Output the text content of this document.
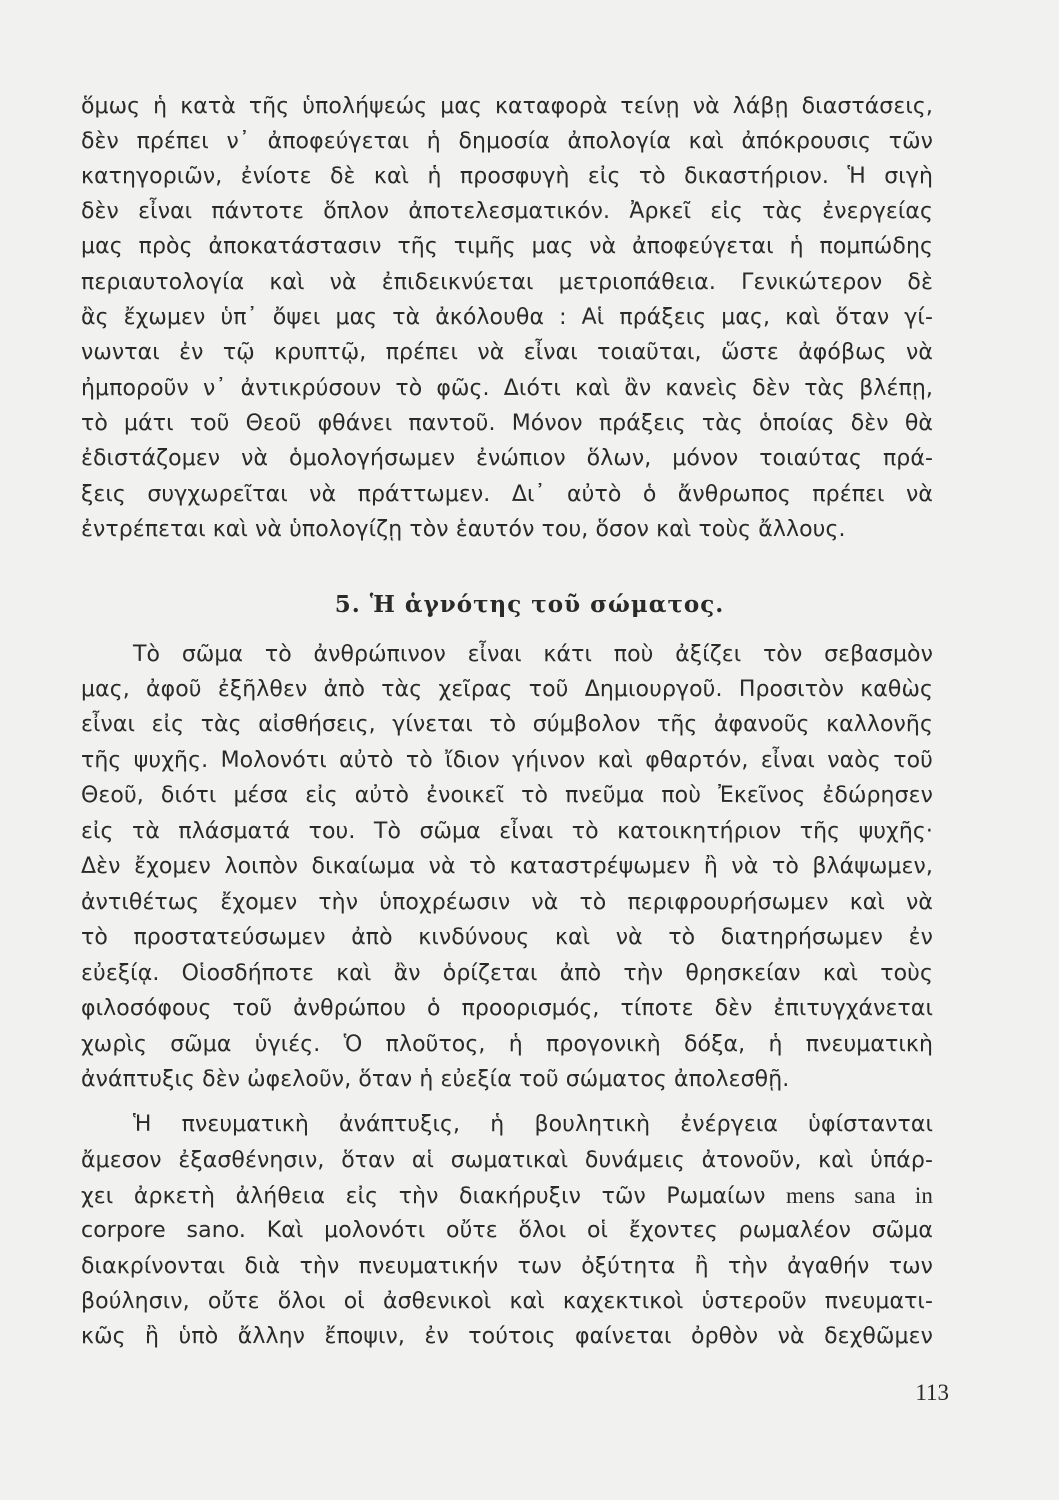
ὅμως ἡ κατὰ τῆς ὑπολήψεώς μας καταφορὰ τείνῃ νὰ λάβῃ διαστάσεις,
δὲν πρέπει ν᾽ ἀποφεύγεται ἡ δημοσία ἀπολογία καὶ ἀπόκρουσις τῶν
κατηγοριῶν, ἐνίοτε δὲ καὶ ἡ προσφυγὴ εἰς τὸ δικαστήριον. Ἡ σιγὴ
δὲν εἶναι πάντοτε ὅπλον ἀποτελεσματικόν. Ἀρκεῖ εἰς τὰς ἐνεργείας
μας πρὸς ἀποκατάστασιν τῆς τιμῆς μας νὰ ἀποφεύγεται ἡ πομπώδης
περιαυτολογία καὶ νὰ ἐπιδεικνύεται μετριοπάθεια. Γενικώτερον δὲ
ἂς ἔχωμεν ὑπ᾽ ὄψει μας τὰ ἀκόλουθα : Αἱ πράξεις μας, καὶ ὅταν γί-
νωνται ἐν τῷ κρυπτῷ, πρέπει νὰ εἶναι τοιαῦται, ὥστε ἀφόβως νὰ
ἠμποροῦν ν᾽ ἀντικρύσουν τὸ φῶς. Διότι καὶ ἂν κανεὶς δὲν τὰς βλέπῃ,
τὸ μάτι τοῦ Θεοῦ φθάνει παντοῦ. Μόνον πράξεις τὰς ὁποίας δὲν θὰ
ἐδιστάζομεν νὰ ὁμολογήσωμεν ἐνώπιον ὅλων, μόνον τοιαύτας πρά-
ξεις συγχωρεῖται νὰ πράττωμεν. Δι᾽ αὐτὸ ὁ ἄνθρωπος πρέπει νὰ
ἐντρέπεται καὶ νὰ ὑπολογίζῃ τὸν ἑαυτόν του, ὅσον καὶ τοὺς ἄλλους.
5. Ἡ ἁγνότης τοῦ σώματος.
Τὸ σῶμα τὸ ἀνθρώπινον εἶναι κάτι ποὺ ἀξίζει τὸν σεβασμὸν
μας, ἀφοῦ ἐξῆλθεν ἀπὸ τὰς χεῖρας τοῦ Δημιουργοῦ. Προσιτὸν καθὼς
εἶναι εἰς τὰς αἰσθήσεις, γίνεται τὸ σύμβολον τῆς ἀφανοῦς καλλονῆς
τῆς ψυχῆς. Μολονότι αὐτὸ τὸ ἴδιον γήινον καὶ φθαρτόν, εἶναι ναὸς τοῦ
Θεοῦ, διότι μέσα εἰς αὐτὸ ἐνοικεῖ τὸ πνεῦμα ποὺ Ἐκεῖνος ἐδώρησεν
εἰς τὰ πλάσματά του. Τὸ σῶμα εἶναι τὸ κατοικητήριον τῆς ψυχῆς·
Δὲν ἔχομεν λοιπὸν δικαίωμα νὰ τὸ καταστρέψωμεν ἢ νὰ τὸ βλάψωμεν,
ἀντιθέτως ἔχομεν τὴν ὑποχρέωσιν νὰ τὸ περιφρουρήσωμεν καὶ νὰ
τὸ προστατεύσωμεν ἀπὸ κινδύνους καὶ νὰ τὸ διατηρήσωμεν ἐν
εὐεξίᾳ. Οἱοσδήποτε καὶ ἂν ὁρίζεται ἀπὸ τὴν θρησκείαν καὶ τοὺς
φιλοσόφους τοῦ ἀνθρώπου ὁ προορισμός, τίποτε δὲν ἐπιτυγχάνεται
χωρὶς σῶμα ὑγιές. Ὁ πλοῦτος, ἡ προγονικὴ δόξα, ἡ πνευματικὴ
ἀνάπτυξις δὲν ὠφελοῦν, ὅταν ἡ εὐεξία τοῦ σώματος ἀπολεσθῇ.
Ἡ πνευματικὴ ἀνάπτυξις, ἡ βουλητικὴ ἐνέργεια ὑφίστανται
ἄμεσον ἐξασθένησιν, ὅταν αἱ σωματικαὶ δυνάμεις ἀτονοῦν, καὶ ὑπάρ-
χει ἀρκετὴ ἀλήθεια εἰς τὴν διακήρυξιν τῶν Ρωμαίων mens sana in
corpore sano. Καὶ μολονότι οὔτε ὅλοι οἱ ἔχοντες ρωμαλέον σῶμα
διακρίνονται διὰ τὴν πνευματικήν των ὀξύτητα ἢ τὴν ἀγαθήν των
βούλησιν, οὔτε ὅλοι οἱ ἀσθενικοὶ καὶ καχεκτικοὶ ὑστεροῦν πνευματι-
κῶς ἢ ὑπὸ ἄλλην ἔποψιν, ἐν τούτοις φαίνεται ὀρθὸν νὰ δεχθῶμεν
113
